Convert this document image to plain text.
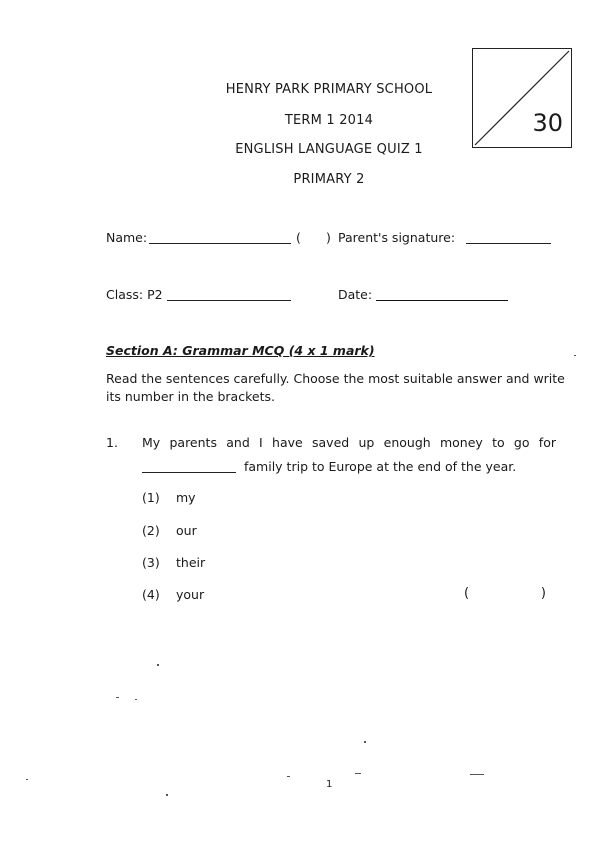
HENRY PARK PRIMARY SCHOOL
TERM 1 2014
ENGLISH LANGUAGE QUIZ 1
PRIMARY 2
30
Name:	( ) Parent's signature:
Class: P2	Date:
Section A: Grammar MCQ (4 x 1 mark)
Read the sentences carefully. Choose the most suitable answer and write its number in the brackets.
1. My parents and I have saved up enough money to go for
family trip to Europe at the end of the year.
(1) my
(2) our
(3) their
(4) your	(	)
1
